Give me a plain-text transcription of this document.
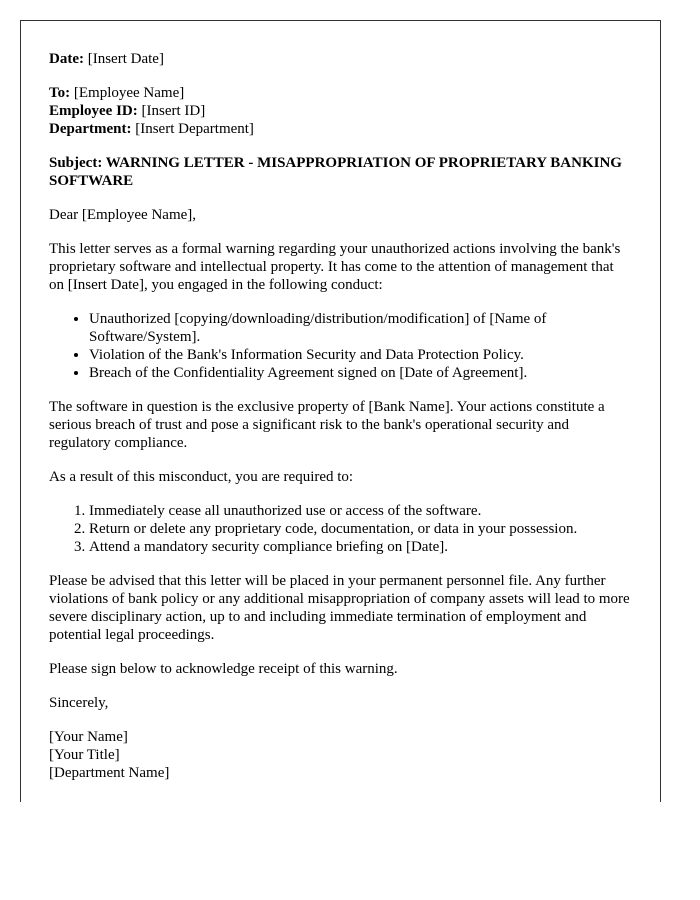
Date: [Insert Date]

To: [Employee Name]
Employee ID: [Insert ID]
Department: [Insert Department]

Subject: WARNING LETTER - MISAPPROPRIATION OF PROPRIETARY BANKING SOFTWARE

Dear [Employee Name],

This letter serves as a formal warning regarding your unauthorized actions involving the bank's proprietary software and intellectual property. It has come to the attention of management that on [Insert Date], you engaged in the following conduct:

• Unauthorized [copying/downloading/distribution/modification] of [Name of Software/System].
• Violation of the Bank's Information Security and Data Protection Policy.
• Breach of the Confidentiality Agreement signed on [Date of Agreement].

The software in question is the exclusive property of [Bank Name]. Your actions constitute a serious breach of trust and pose a significant risk to the bank's operational security and regulatory compliance.

As a result of this misconduct, you are required to:

1. Immediately cease all unauthorized use or access of the software.
2. Return or delete any proprietary code, documentation, or data in your possession.
3. Attend a mandatory security compliance briefing on [Date].

Please be advised that this letter will be placed in your permanent personnel file. Any further violations of bank policy or any additional misappropriation of company assets will lead to more severe disciplinary action, up to and including immediate termination of employment and potential legal proceedings.

Please sign below to acknowledge receipt of this warning.

Sincerely,

[Your Name]
[Your Title]
[Department Name]
